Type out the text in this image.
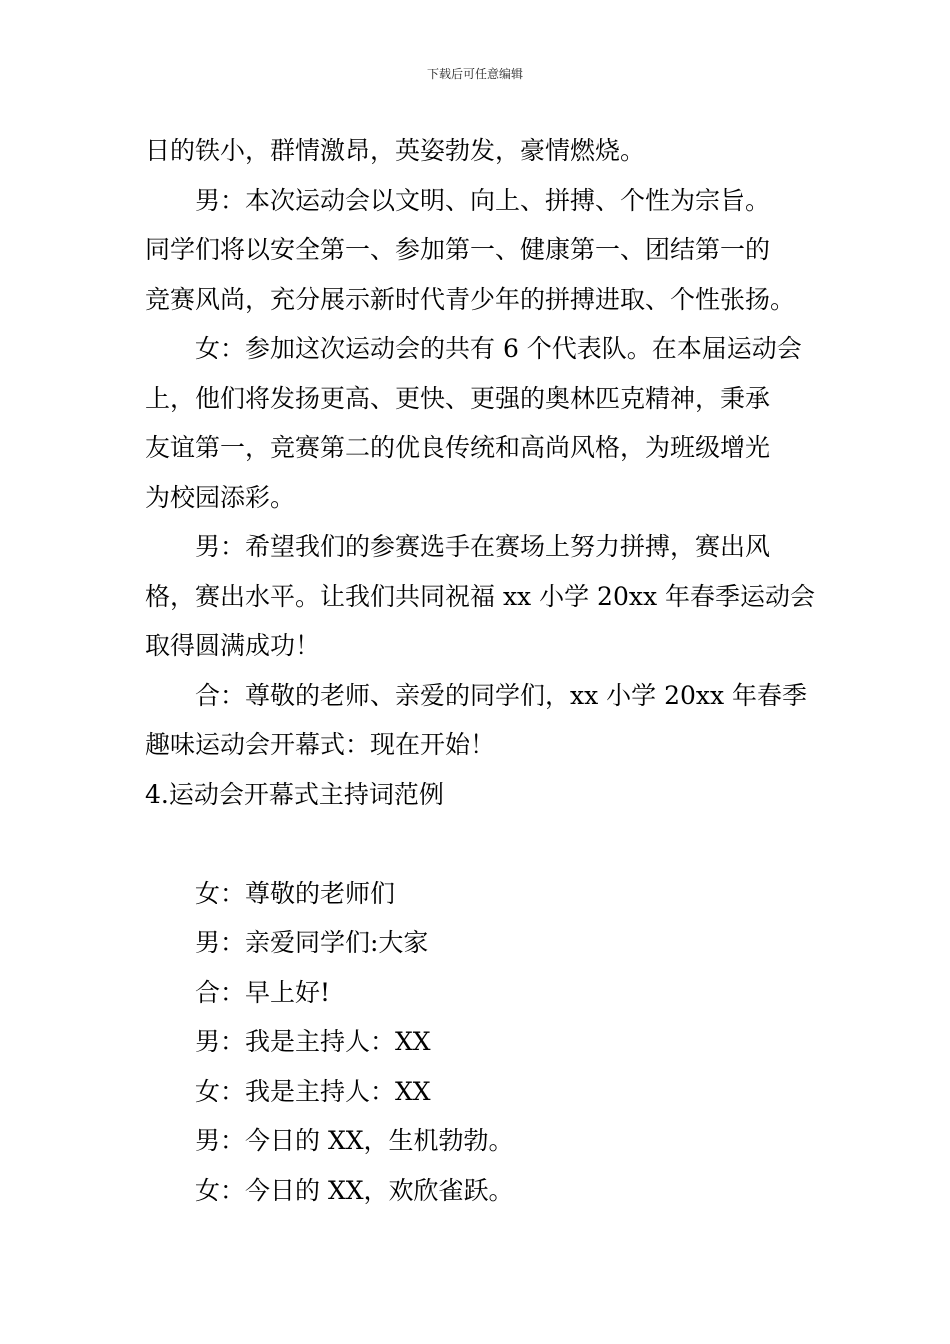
下载后可任意编辑

日的铁小，群情激昂，英姿勃发，豪情燃烧。

男：本次运动会以文明、向上、拼搏、个性为宗旨。

同学们将以安全第一、参加第一、健康第一、团结第一的

竞赛风尚，充分展示新时代青少年的拼搏进取、个性张扬。

女：参加这次运动会的共有 6 个代表队。在本届运动会

上，他们将发扬更高、更快、更强的奥林匹克精神，秉承

友谊第一，竞赛第二的优良传统和高尚风格，为班级增光

为校园添彩。

男：希望我们的参赛选手在赛场上努力拼搏，赛出风

格，赛出水平。让我们共同祝福 xx 小学 20xx 年春季运动会

取得圆满成功！

合：尊敬的老师、亲爱的同学们，xx 小学 20xx 年春季

趣味运动会开幕式：现在开始！

4.运动会开幕式主持词范例

女：尊敬的老师们

男：亲爱同学们:大家

合：早上好!

男：我是主持人：XX

女：我是主持人：XX

男：今日的 XX，生机勃勃。

女：今日的 XX，欢欣雀跃。
